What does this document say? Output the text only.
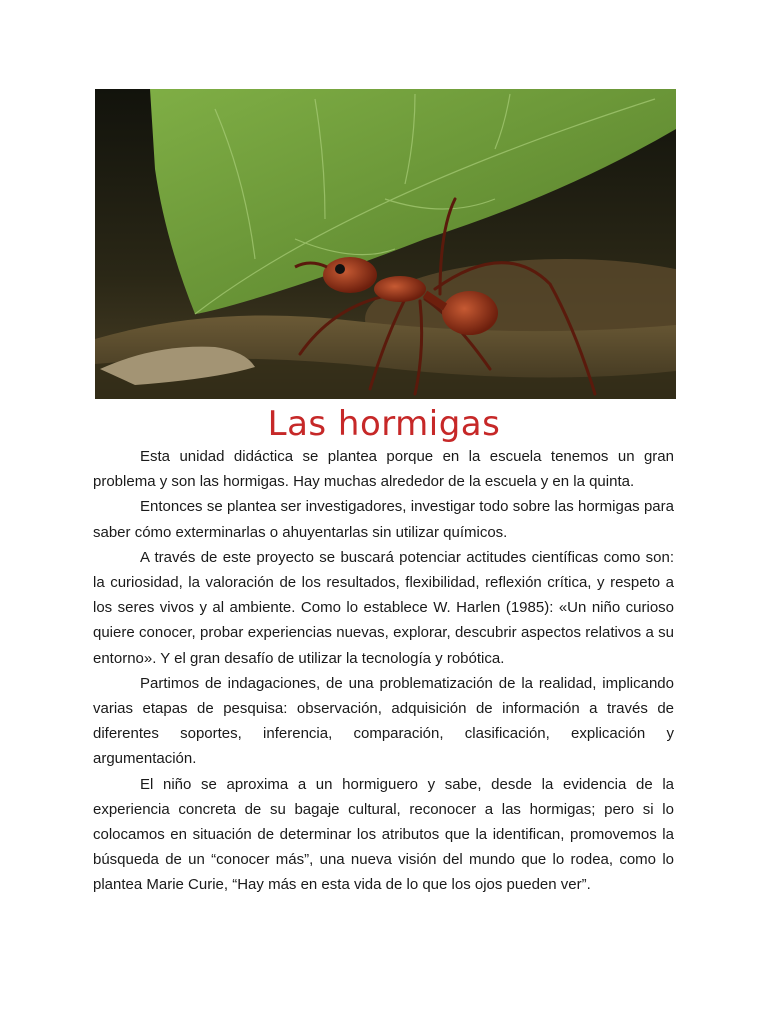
Las hormigas

Esta unidad didáctica se plantea porque en la escuela tenemos un gran problema y son las hormigas. Hay muchas alrededor de la escuela y en la quinta.

Entonces se plantea ser investigadores, investigar todo sobre las hormigas para saber cómo exterminarlas o ahuyentarlas sin utilizar químicos.

A través de este proyecto se buscará potenciar actitudes científicas como son: la curiosidad, la valoración de los resultados, flexibilidad, reflexión crítica, y respeto a los seres vivos y al ambiente. Como lo establece W. Harlen (1985): «Un niño curioso quiere conocer, probar experiencias nuevas, explorar, descubrir aspectos relativos a su entorno». Y el gran desafío de utilizar la tecnología y robótica.

Partimos de indagaciones, de una problematización de la realidad, implicando varias etapas de pesquisa: observación, adquisición de información a través de diferentes soportes, inferencia, comparación, clasificación, explicación y argumentación.

El niño se aproxima a un hormiguero y sabe, desde la evidencia de la experiencia concreta de su bagaje cultural, reconocer a las hormigas; pero si lo colocamos en situación de determinar los atributos que la identifican, promovemos la búsqueda de un “conocer más”, una nueva visión del mundo que lo rodea, como lo plantea Marie Curie, “Hay más en esta vida de lo que los ojos pueden ver”.
